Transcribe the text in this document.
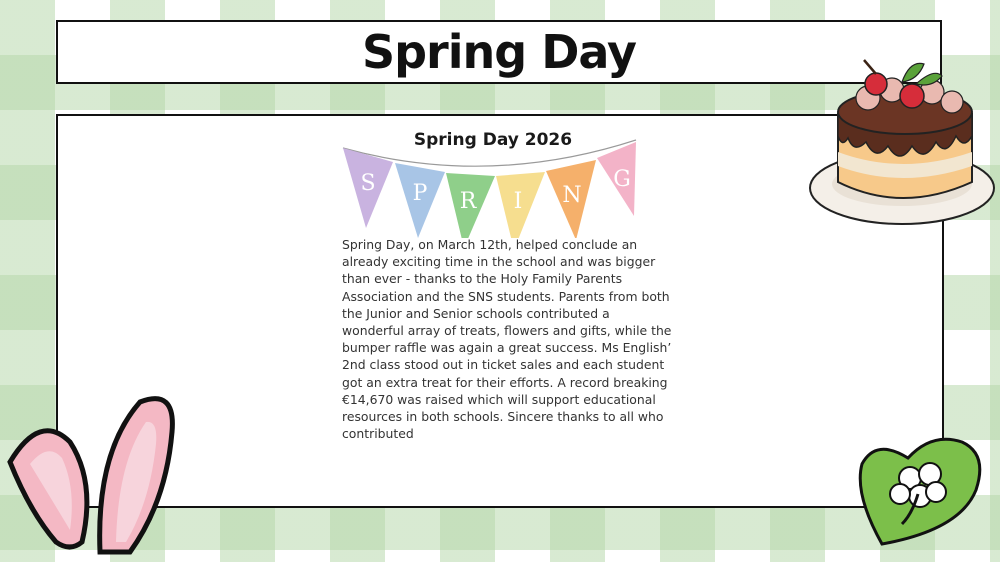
Spring Day
Spring Day 2026
S P R I N
G

Spring Day, on March 12th, helped conclude an already exciting time in the school and was bigger than ever - thanks to the Holy Family Parents Association and the SNS students. Parents from both the Junior and Senior schools contributed a wonderful array of treats, flowers and gifts, while the bumper raffle was again a great success. Ms English’ 2nd class stood out in ticket sales and each student got an extra treat for their efforts. A record breaking €14,670 was raised which will support educational resources in both schools. Sincere thanks to all who contributed
